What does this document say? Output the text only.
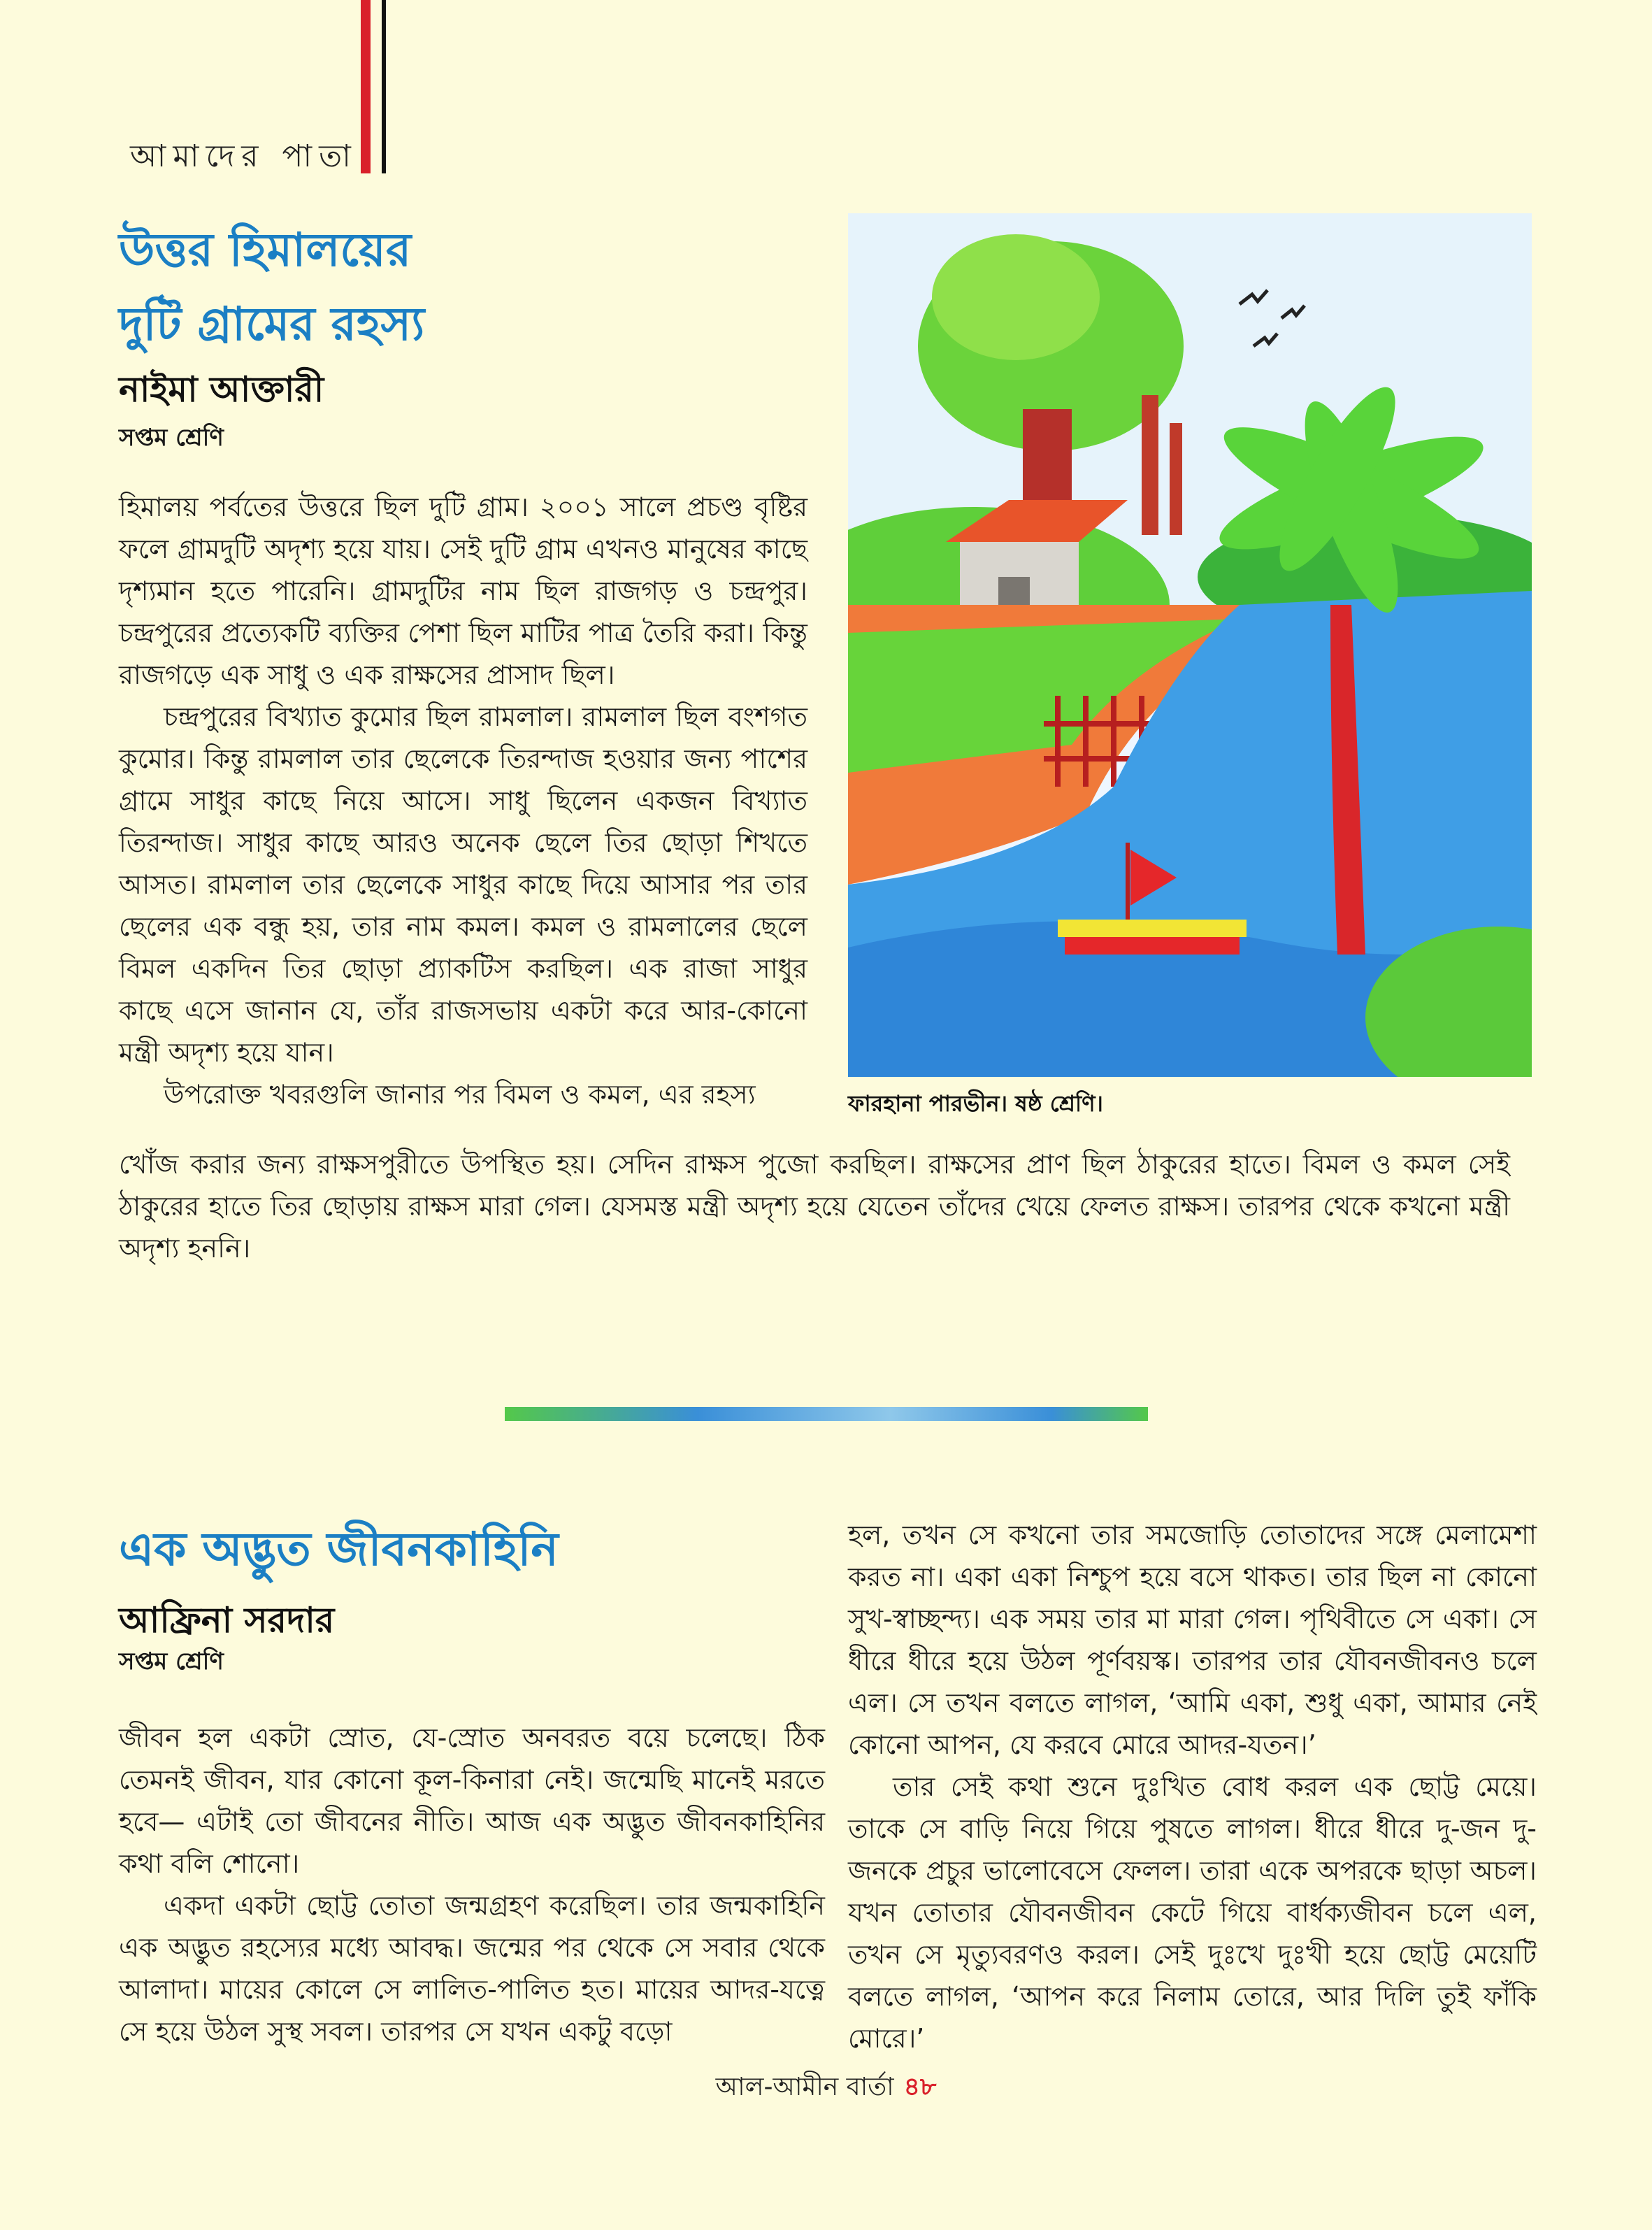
আমাদের পাতা
উত্তর হিমালয়ের
দুটি গ্রামের রহস্য
নাইমা আক্তারী
সপ্তম শ্রেণি

হিমালয় পর্বতের উত্তরে ছিল দুটি গ্রাম। ২০০১ সালে প্রচণ্ড বৃষ্টির ফলে গ্রামদুটি অদৃশ্য হয়ে যায়। সেই দুটি গ্রাম এখনও মানুষের কাছে দৃশ্যমান হতে পারেনি। গ্রামদুটির নাম ছিল রাজগড় ও চন্দ্রপুর। চন্দ্রপুরের প্রত্যেকটি ব্যক্তির পেশা ছিল মাটির পাত্র তৈরি করা। কিন্তু রাজগড়ে এক সাধু ও এক রাক্ষসের প্রাসাদ ছিল।

চন্দ্রপুরের বিখ্যাত কুমোর ছিল রামলাল। রামলাল ছিল বংশগত কুমোর। কিন্তু রামলাল তার ছেলেকে তিরন্দাজ হওয়ার জন্য পাশের গ্রামে সাধুর কাছে নিয়ে আসে। সাধু ছিলেন একজন বিখ্যাত তিরন্দাজ। সাধুর কাছে আরও অনেক ছেলে তির ছোড়া শিখতে আসত। রামলাল তার ছেলেকে সাধুর কাছে দিয়ে আসার পর তার ছেলের এক বন্ধু হয়, তার নাম কমল। কমল ও রামলালের ছেলে বিমল একদিন তির ছোড়া প্র্যাকটিস করছিল। এক রাজা সাধুর কাছে এসে জানান যে, তাঁর রাজসভায় একটা করে আর-কোনো মন্ত্রী অদৃশ্য হয়ে যান।

উপরোক্ত খবরগুলি জানার পর বিমল ও কমল, এর রহস্য

খোঁজ করার জন্য রাক্ষসপুরীতে উপস্থিত হয়। সেদিন রাক্ষস পুজো করছিল। রাক্ষসের প্রাণ ছিল ঠাকুরের হাতে। বিমল ও কমল সেই ঠাকুরের হাতে তির ছোড়ায় রাক্ষস মারা গেল। যেসমস্ত মন্ত্রী অদৃশ্য হয়ে যেতেন তাঁদের খেয়ে ফেলত রাক্ষস। তারপর থেকে কখনো মন্ত্রী অদৃশ্য হননি।

ফারহানা পারভীন। ষষ্ঠ শ্রেণি।
এক অদ্ভুত জীবনকাহিনি
আফ্রিনা সরদার
সপ্তম শ্রেণি

জীবন হল একটা স্রোত, যে-স্রোত অনবরত বয়ে চলেছে। ঠিক তেমনই জীবন, যার কোনো কূল-কিনারা নেই। জন্মেছি মানেই মরতে হবে— এটাই তো জীবনের নীতি। আজ এক অদ্ভুত জীবনকাহিনির কথা বলি শোনো।

একদা একটা ছোট্ট তোতা জন্মগ্রহণ করেছিল। তার জন্মকাহিনি এক অদ্ভুত রহস্যের মধ্যে আবদ্ধ। জন্মের পর থেকে সে সবার থেকে আলাদা। মায়ের কোলে সে লালিত-পালিত হত। মায়ের আদর-যত্নে সে হয়ে উঠল সুস্থ সবল। তারপর সে যখন একটু বড়ো

হল, তখন সে কখনো তার সমজোড়ি তোতাদের সঙ্গে মেলামেশা করত না। একা একা নিশ্চুপ হয়ে বসে থাকত। তার ছিল না কোনো সুখ-স্বাচ্ছন্দ্য। এক সময় তার মা মারা গেল। পৃথিবীতে সে একা। সে ধীরে ধীরে হয়ে উঠল পূর্ণবয়স্ক। তারপর তার যৌবনজীবনও চলে এল। সে তখন বলতে লাগল, ‘আমি একা, শুধু একা, আমার নেই কোনো আপন, যে করবে মোরে আদর-যতন।’

তার সেই কথা শুনে দুঃখিত বোধ করল এক ছোট্ট মেয়ে। তাকে সে বাড়ি নিয়ে গিয়ে পুষতে লাগল। ধীরে ধীরে দু-জন দু-জনকে প্রচুর ভালোবেসে ফেলল। তারা একে অপরকে ছাড়া অচল। যখন তোতার যৌবনজীবন কেটে গিয়ে বার্ধক্যজীবন চলে এল, তখন সে মৃত্যুবরণও করল। সেই দুঃখে দুঃখী হয়ে ছোট্ট মেয়েটি বলতে লাগল, ‘আপন করে নিলাম তোরে, আর দিলি তুই ফাঁকি মোরে।’

আল-আমীন বার্তা ৪৮
